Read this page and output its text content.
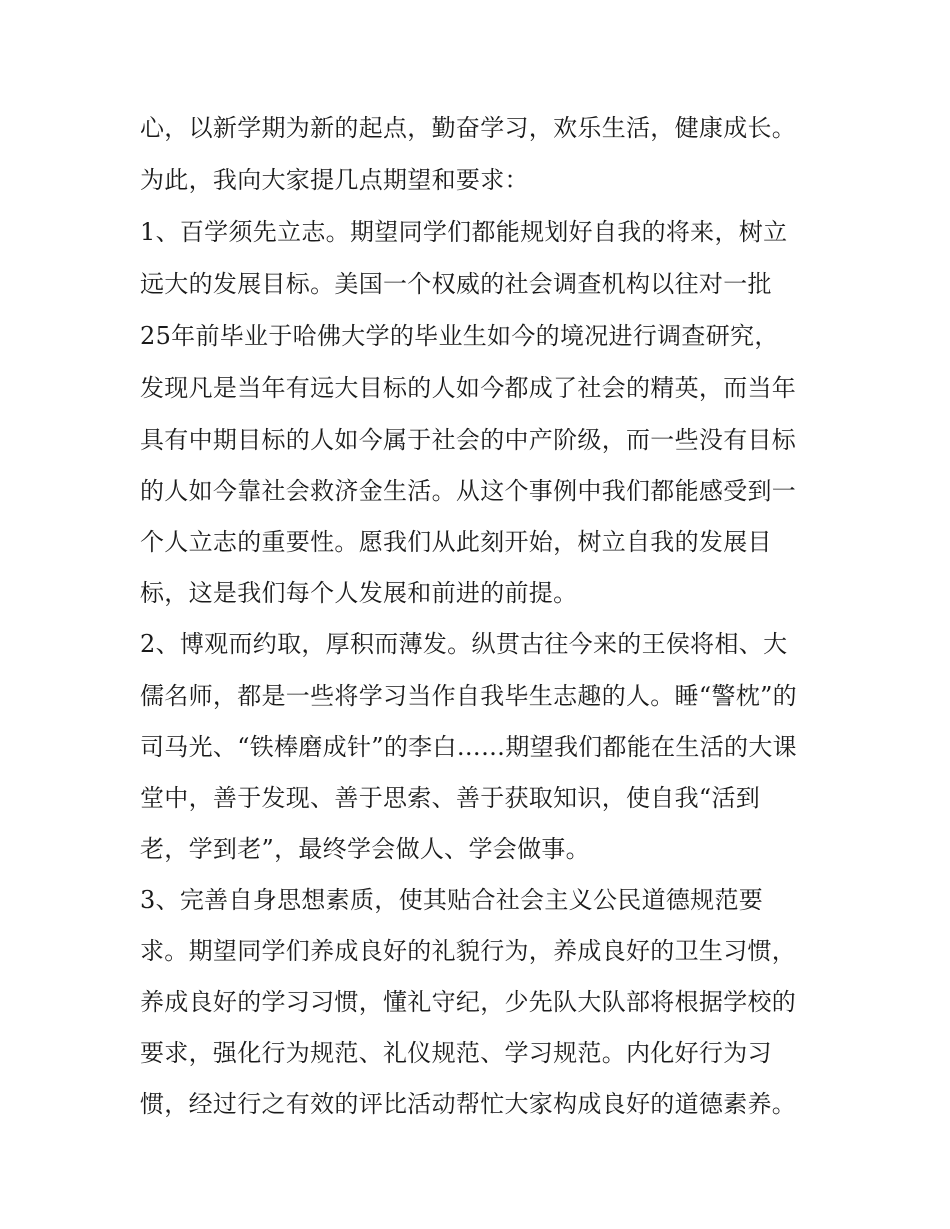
心，以新学期为新的起点，勤奋学习，欢乐生活，健康成长。
为此，我向大家提几点期望和要求：
1、百学须先立志。期望同学们都能规划好自我的将来，树立
远大的发展目标。美国一个权威的社会调查机构以往对一批
25年前毕业于哈佛大学的毕业生如今的境况进行调查研究，
发现凡是当年有远大目标的人如今都成了社会的精英，而当年
具有中期目标的人如今属于社会的中产阶级，而一些没有目标
的人如今靠社会救济金生活。从这个事例中我们都能感受到一
个人立志的重要性。愿我们从此刻开始，树立自我的发展目
标，这是我们每个人发展和前进的前提。
2、博观而约取，厚积而薄发。纵贯古往今来的王侯将相、大
儒名师，都是一些将学习当作自我毕生志趣的人。睡“警枕”的
司马光、“铁棒磨成针”的李白……期望我们都能在生活的大课
堂中，善于发现、善于思索、善于获取知识，使自我“活到
老，学到老”，最终学会做人、学会做事。
3、完善自身思想素质，使其贴合社会主义公民道德规范要
求。期望同学们养成良好的礼貌行为，养成良好的卫生习惯，
养成良好的学习习惯，懂礼守纪，少先队大队部将根据学校的
要求，强化行为规范、礼仪规范、学习规范。内化好行为习
惯，经过行之有效的评比活动帮忙大家构成良好的道德素养。
